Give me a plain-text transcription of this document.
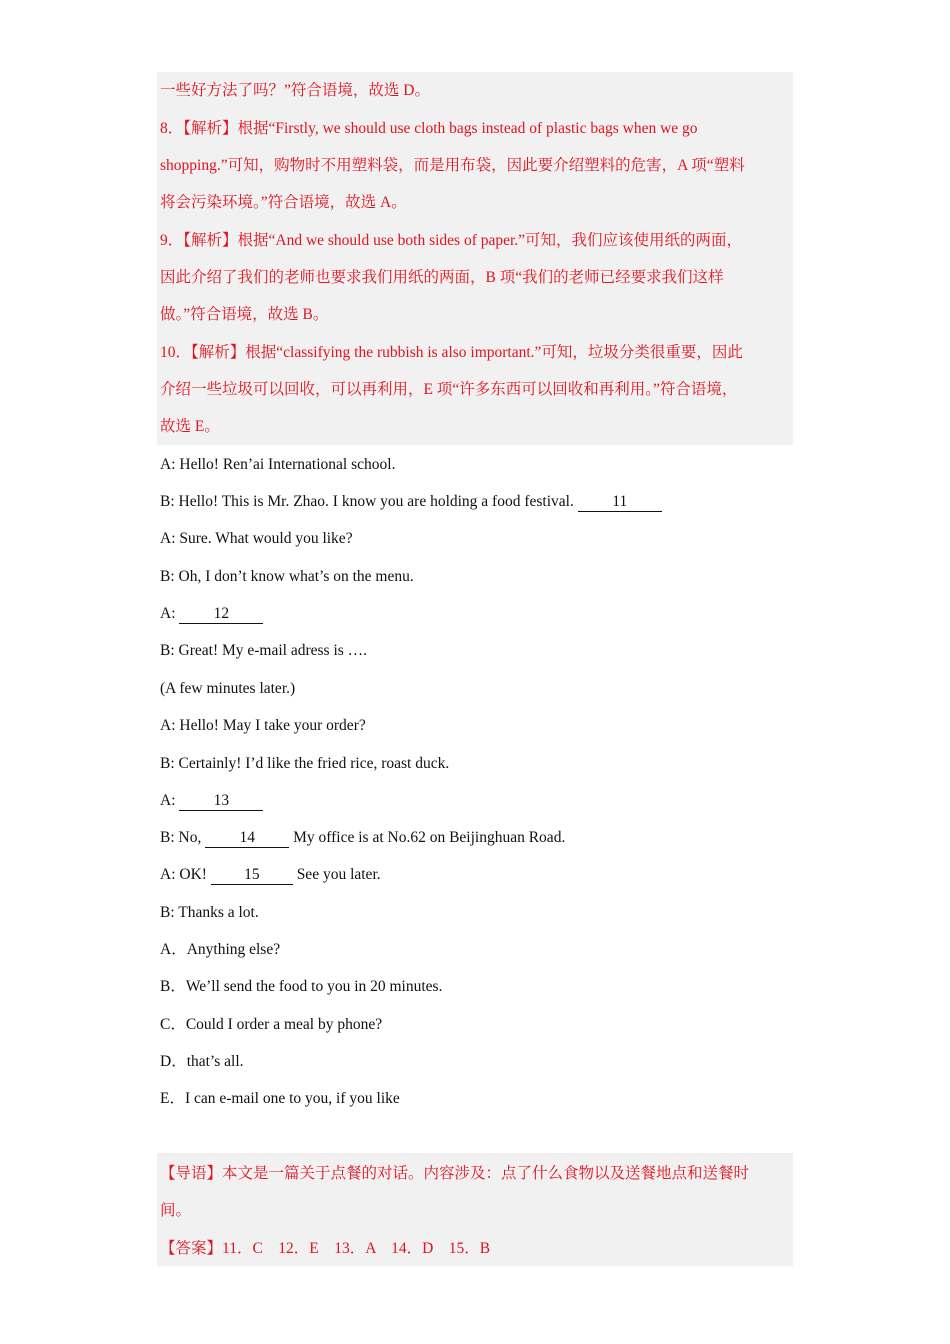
一些好方法了吗？”符合语境，故选 D。
8．【解析】根据“Firstly, we should use cloth bags instead of plastic bags when we go
shopping.”可知，购物时不用塑料袋，而是用布袋，因此要介绍塑料的危害，A 项“塑料
将会污染环境。”符合语境，故选 A。
9．【解析】根据“And we should use both sides of paper.”可知，我们应该使用纸的两面，
因此介绍了我们的老师也要求我们用纸的两面，B 项“我们的老师已经要求我们这样
做。”符合语境，故选 B。
10．【解析】根据“classifying the rubbish is also important.”可知，垃圾分类很重要，因此
介绍一些垃圾可以回收，可以再利用，E 项“许多东西可以回收和再利用。”符合语境，
故选 E。
A: Hello! Ren’ai International school.
B: Hello! This is Mr. Zhao. I know you are holding a food festival. 11
A: Sure. What would you like?
B: Oh, I don’t know what’s on the menu.
A: 12
B: Great! My e-mail adress is ….
(A few minutes later.)
A: Hello! May I take your order?
B: Certainly! I’d like the fried rice, roast duck.
A: 13
B: No, 14 My office is at No.62 on Beijinghuan Road.
A: OK! 15 See you later.
B: Thanks a lot.
A．Anything else?
B．We’ll send the food to you in 20 minutes.
C．Could I order a meal by phone?
D．that’s all.
E．I can e-mail one to you, if you like
【导语】本文是一篇关于点餐的对话。内容涉及：点了什么食物以及送餐地点和送餐时
间。
【答案】11．C    12．E    13．A    14．D    15．B
